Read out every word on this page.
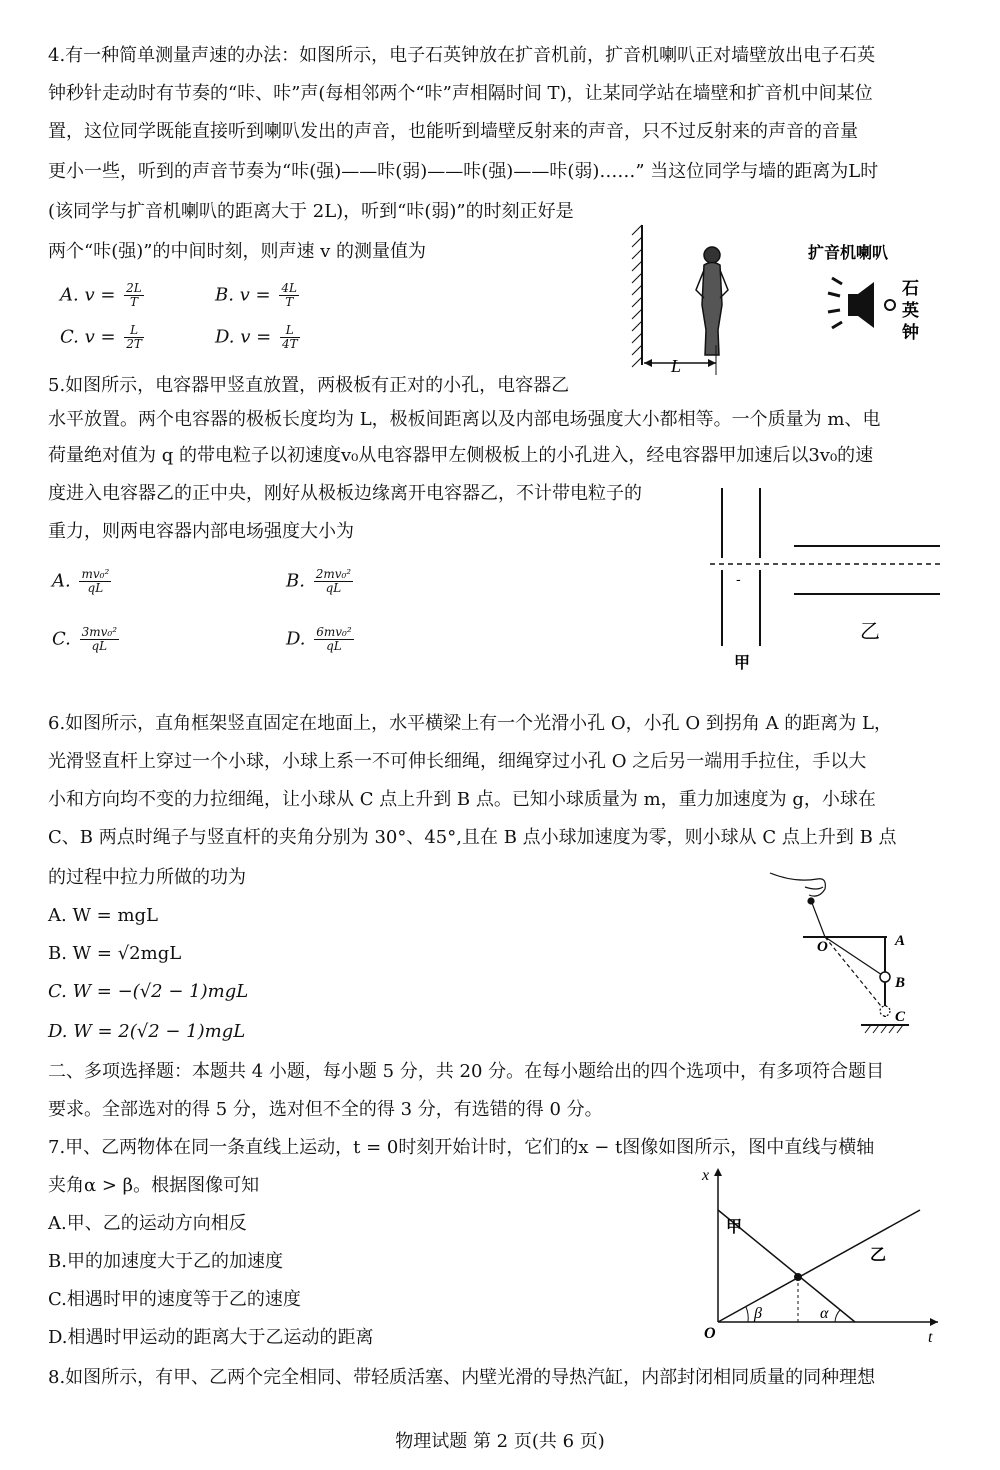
4.有一种简单测量声速的办法：如图所示，电子石英钟放在扩音机前，扩音机喇叭正对墙壁放出电子石英
钟秒针走动时有节奏的“咔、咔”声(每相邻两个“咔”声相隔时间 T)，让某同学站在墙壁和扩音机中间某位
置，这位同学既能直接听到喇叭发出的声音，也能听到墙壁反射来的声音，只不过反射来的声音的音量
更小一些，听到的声音节奏为“咔(强)——咔(弱)——咔(强)——咔(弱)……” 当这位同学与墙的距离为L时
(该同学与扩音机喇叭的距离大于 2L)，听到“咔(弱)”的时刻正好是
两个“咔(强)”的中间时刻，则声速 v 的测量值为
A. $v = \frac{2L}{T}$	B. $v = \frac{4L}{T}$
C. $v = \frac{L}{2T}$	D. $v = \frac{L}{4T}$
L
扩音机喇叭
石英钟
5.如图所示，电容器甲竖直放置，两极板有正对的小孔，电容器乙
水平放置。两个电容器的极板长度均为 L，极板间距离以及内部电场强度大小都相等。一个质量为 m、电
荷量绝对值为 q 的带电粒子以初速度v₀从电容器甲左侧极板上的小孔进入，经电容器甲加速后以3v₀的速
度进入电容器乙的正中央，刚好从极板边缘离开电容器乙，不计带电粒子的
重力，则两电容器内部电场强度大小为
A. $\frac{\text{mv₀²}}{qL}$	B. $\frac{\text{2mv₀²}}{qL}$
C. $\frac{\text{3mv₀²}}{qL}$	D. $\frac{\text{6mv₀²}}{qL}$
-
乙
甲
6.如图所示，直角框架竖直固定在地面上，水平横梁上有一个光滑小孔 O，小孔 O 到拐角 A 的距离为 L，
光滑竖直杆上穿过一个小球，小球上系一不可伸长细绳，细绳穿过小孔 O 之后另一端用手拉住，手以大
小和方向均不变的力拉细绳，让小球从 C 点上升到 B 点。已知小球质量为 m，重力加速度为 g，小球在
C、B 两点时绳子与竖直杆的夹角分别为 30°、45°,且在 B 点小球加速度为零，则小球从 C 点上升到 B 点
的过程中拉力所做的功为
A. W = mgL
B. W = √2mgL
C. W = −(√2 − 1)mgL
D. W = 2(√2 − 1)mgL
O	A
B
C
二、多项选择题：本题共 4 小题，每小题 5 分，共 20 分。在每小题给出的四个选项中，有多项符合题目
要求。全部选对的得 5 分，选对但不全的得 3 分，有选错的得 0 分。
7.甲、乙两物体在同一条直线上运动，t = 0时刻开始计时，它们的x − t图像如图所示，图中直线与横轴
夹角α > β。根据图像可知
A.甲、乙的运动方向相反
B.甲的加速度大于乙的加速度
C.相遇时甲的速度等于乙的速度
D.相遇时甲运动的距离大于乙运动的距离
甲
乙
x
t
O
β	α
8.如图所示，有甲、乙两个完全相同、带轻质活塞、内壁光滑的导热汽缸，内部封闭相同质量的同种理想
物理试题 第 2 页(共 6 页)
